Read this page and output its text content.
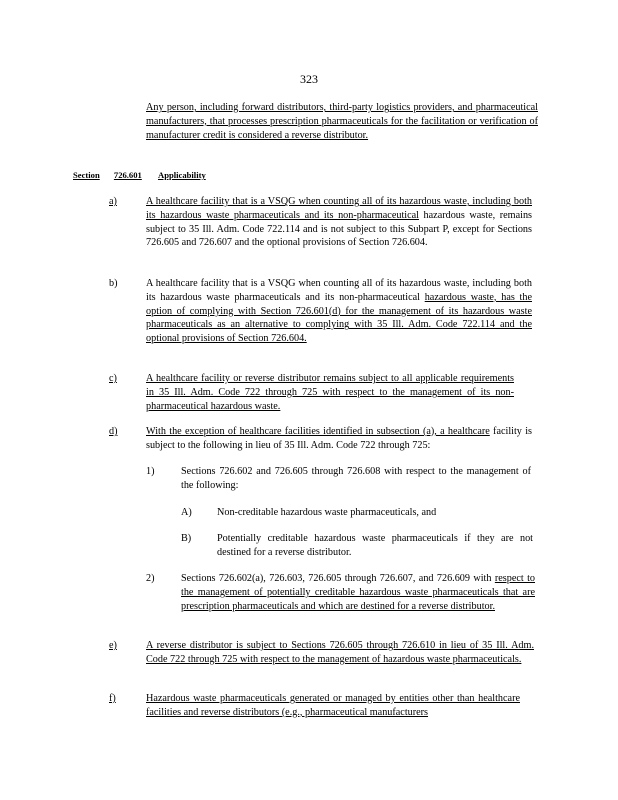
323

Any person, including forward distributors, third-party logistics providers, and pharmaceutical manufacturers, that processes prescription pharmaceuticals for the facilitation or verification of manufacturer credit is considered a reverse distributor.

Section 726.601 Applicability
a)	A healthcare facility that is a VSQG when counting all of its hazardous waste, including both its hazardous waste pharmaceuticals and its non-pharmaceutical hazardous waste, remains subject to 35 Ill. Adm. Code 722.114 and is not subject to this Subpart P, except for Sections 726.605 and 726.607 and the optional provisions of Section 726.604.

b)	A healthcare facility that is a VSQG when counting all of its hazardous waste, including both its hazardous waste pharmaceuticals and its non-pharmaceutical hazardous waste, has the option of complying with Section 726.601(d) for the management of its hazardous waste pharmaceuticals as an alternative to complying with 35 Ill. Adm. Code 722.114 and the optional provisions of Section 726.604.

c)	A healthcare facility or reverse distributor remains subject to all applicable requirements in 35 Ill. Adm. Code 722 through 725 with respect to the management of its non-pharmaceutical hazardous waste.

d)	With the exception of healthcare facilities identified in subsection (a), a healthcare facility is subject to the following in lieu of 35 Ill. Adm. Code 722 through 725:

1)	Sections 726.602 and 726.605 through 726.608 with respect to the management of the following:

A) Non-creditable hazardous waste pharmaceuticals, and

B)	Potentially creditable hazardous waste pharmaceuticals if they are not destined for a reverse distributor.

2)	Sections 726.602(a), 726.603, 726.605 through 726.607, and 726.609 with respect to the management of potentially creditable hazardous waste pharmaceuticals that are prescription pharmaceuticals and which are destined for a reverse distributor.

e)	A reverse distributor is subject to Sections 726.605 through 726.610 in lieu of 35 Ill. Adm. Code 722 through 725 with respect to the management of hazardous waste pharmaceuticals.

f)	Hazardous waste pharmaceuticals generated or managed by entities other than healthcare facilities and reverse distributors (e.g., pharmaceutical manufacturers
